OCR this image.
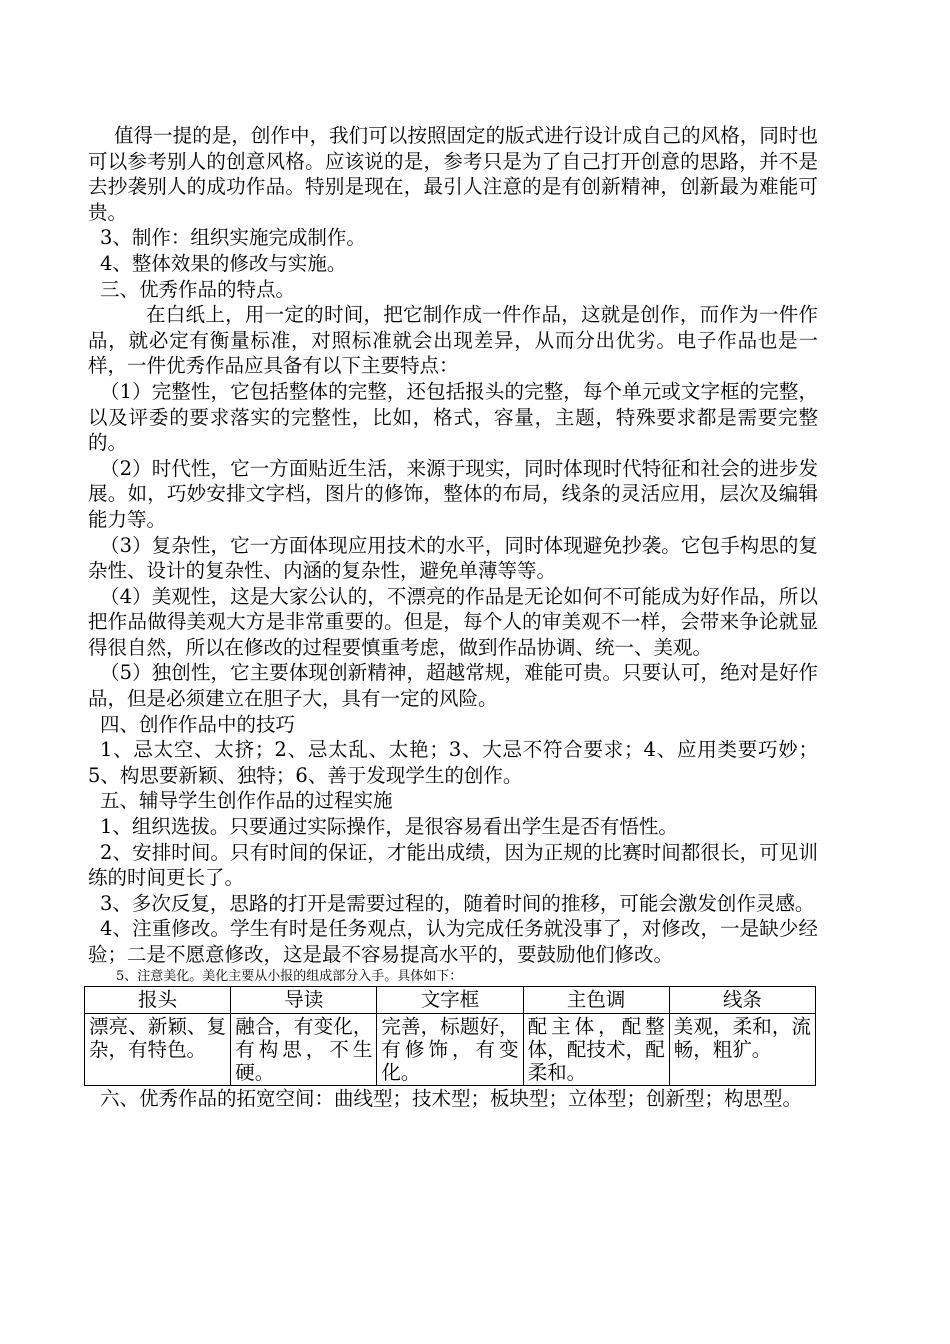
值得一提的是，创作中，我们可以按照固定的版式进行设计成自己的风格，同时也可以参考别人的创意风格。应该说的是，参考只是为了自己打开创意的思路，并不是去抄袭别人的成功作品。特别是现在，最引人注意的是有创新精神，创新最为难能可贵。

3、制作：组织实施完成制作。

4、整体效果的修改与实施。

三、优秀作品的特点。

在白纸上，用一定的时间，把它制作成一件作品，这就是创作，而作为一件作品，就必定有衡量标准，对照标准就会出现差异，从而分出优劣。电子作品也是一样，一件优秀作品应具备有以下主要特点：

（1）完整性，它包括整体的完整，还包括报头的完整，每个单元或文字框的完整，以及评委的要求落实的完整性，比如，格式，容量，主题，特殊要求都是需要完整的。

（2）时代性，它一方面贴近生活，来源于现实，同时体现时代特征和社会的进步发展。如，巧妙安排文字档，图片的修饰，整体的布局，线条的灵活应用，层次及编辑能力等。

（3）复杂性，它一方面体现应用技术的水平，同时体现避免抄袭。它包手构思的复杂性、设计的复杂性、内涵的复杂性，避免单薄等等。

（4）美观性，这是大家公认的，不漂亮的作品是无论如何不可能成为好作品，所以把作品做得美观大方是非常重要的。但是，每个人的审美观不一样，会带来争论就显得很自然，所以在修改的过程要慎重考虑，做到作品协调、统一、美观。

（5）独创性，它主要体现创新精神，超越常规，难能可贵。只要认可，绝对是好作品，但是必须建立在胆子大，具有一定的风险。

四、创作作品中的技巧

1、忌太空、太挤；2、忌太乱、太艳；3、大忌不符合要求；4、应用类要巧妙；5、构思要新颖、独特；6、善于发现学生的创作。

五、辅导学生创作作品的过程实施

1、组织选拔。只要通过实际操作，是很容易看出学生是否有悟性。

2、安排时间。只有时间的保证，才能出成绩，因为正规的比赛时间都很长，可见训练的时间更长了。

3、多次反复，思路的打开是需要过程的，随着时间的推移，可能会激发创作灵感。

4、注重修改。学生有时是任务观点，认为完成任务就没事了，对修改，一是缺少经验；二是不愿意修改，这是最不容易提高水平的，要鼓励他们修改。

5、注意美化。美化主要从小报的组成部分入手。具体如下：

报头	导读	文字框	主色调	线条
漂亮、新颖、复杂，有特色。	融合，有变化，有构思，不生硬。	完善，标题好，有修饰，有变化。	配主体，配整体，配技术，配柔和。	美观，柔和，流畅，粗犷。

六、优秀作品的拓宽空间：曲线型；技术型；板块型；立体型；创新型；构思型。
